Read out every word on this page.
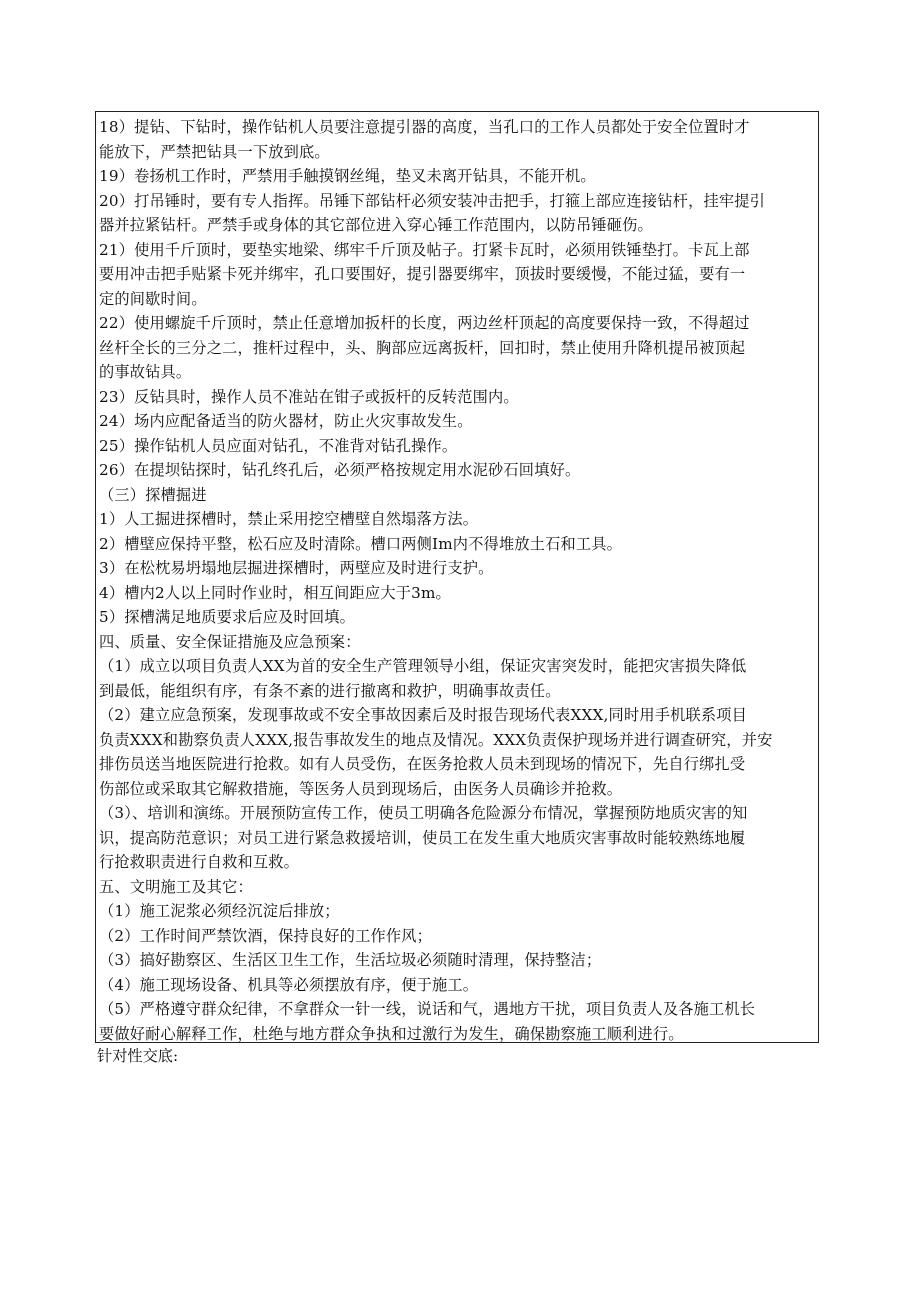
18）提钻、下钻时，操作钻机人员要注意提引器的高度，当孔口的工作人员都处于安全位置时才
能放下，严禁把钻具一下放到底。
19）卷扬机工作时，严禁用手触摸钢丝绳，垫叉未离开钻具，不能开机。
20）打吊锤时，要有专人指挥。吊锤下部钻杆必须安装冲击把手，打箍上部应连接钻杆，挂牢提引
器并拉紧钻杆。严禁手或身体的其它部位进入穿心锤工作范围内，以防吊锤砸伤。
21）使用千斤顶时，要垫实地梁、绑牢千斤顶及帖子。打紧卡瓦时，必须用铁锤垫打。卡瓦上部
要用冲击把手贴紧卡死并绑牢，孔口要围好，提引器要绑牢，顶拔时要缓慢，不能过猛，要有一
定的间歇时间。
22）使用螺旋千斤顶时，禁止任意增加扳杆的长度，两边丝杆顶起的高度要保持一致，不得超过
丝杆全长的三分之二，推杆过程中，头、胸部应远离扳杆，回扣时，禁止使用升降机提吊被顶起
的事故钻具。
23）反钻具时，操作人员不准站在钳子或扳杆的反转范围内。
24）场内应配备适当的防火器材，防止火灾事故发生。
25）操作钻机人员应面对钻孔，不准背对钻孔操作。
26）在提坝钻探时，钻孔终孔后，必须严格按规定用水泥砂石回填好。
（三）探槽掘进
1）人工掘进探槽时，禁止采用挖空槽壁自然塌落方法。
2）槽壁应保持平整，松石应及时清除。槽口两侧Im内不得堆放土石和工具。
3）在松枕易坍塌地层掘进探槽时，两壁应及时进行支护。
4）槽内2人以上同时作业时，相互间距应大于3m。
5）探槽满足地质要求后应及时回填。
四、质量、安全保证措施及应急预案：
（1）成立以项目负责人XX为首的安全生产管理领导小组，保证灾害突发时，能把灾害损失降低
到最低，能组织有序，有条不紊的进行撤离和救护，明确事故责任。
（2）建立应急预案，发现事故或不安全事故因素后及时报告现场代表XXX,同时用手机联系项目
负责XXX和勘察负责人XXX,报告事故发生的地点及情况。XXX负责保护现场并进行调查研究，并安
排伤员送当地医院进行抢救。如有人员受伤，在医务抢救人员未到现场的情况下，先自行绑扎受
伤部位或采取其它解救措施，等医务人员到现场后，由医务人员确诊并抢救。
（3）、培训和演练。开展预防宣传工作，使员工明确各危险源分布情况，掌握预防地质灾害的知
识，提高防范意识；对员工进行紧急救援培训，使员工在发生重大地质灾害事故时能较熟练地履
行抢救职责进行自救和互救。
五、文明施工及其它：
（1）施工泥浆必须经沉淀后排放；
（2）工作时间严禁饮酒，保持良好的工作作风；
（3）搞好勘察区、生活区卫生工作，生活垃圾必须随时清理，保持整洁；
（4）施工现场设备、机具等必须摆放有序，便于施工。
（5）严格遵守群众纪律，不拿群众一针一线，说话和气，遇地方干扰，项目负责人及各施工机长
要做好耐心解释工作，杜绝与地方群众争执和过激行为发生，确保勘察施工顺利进行。
针对性交底:
